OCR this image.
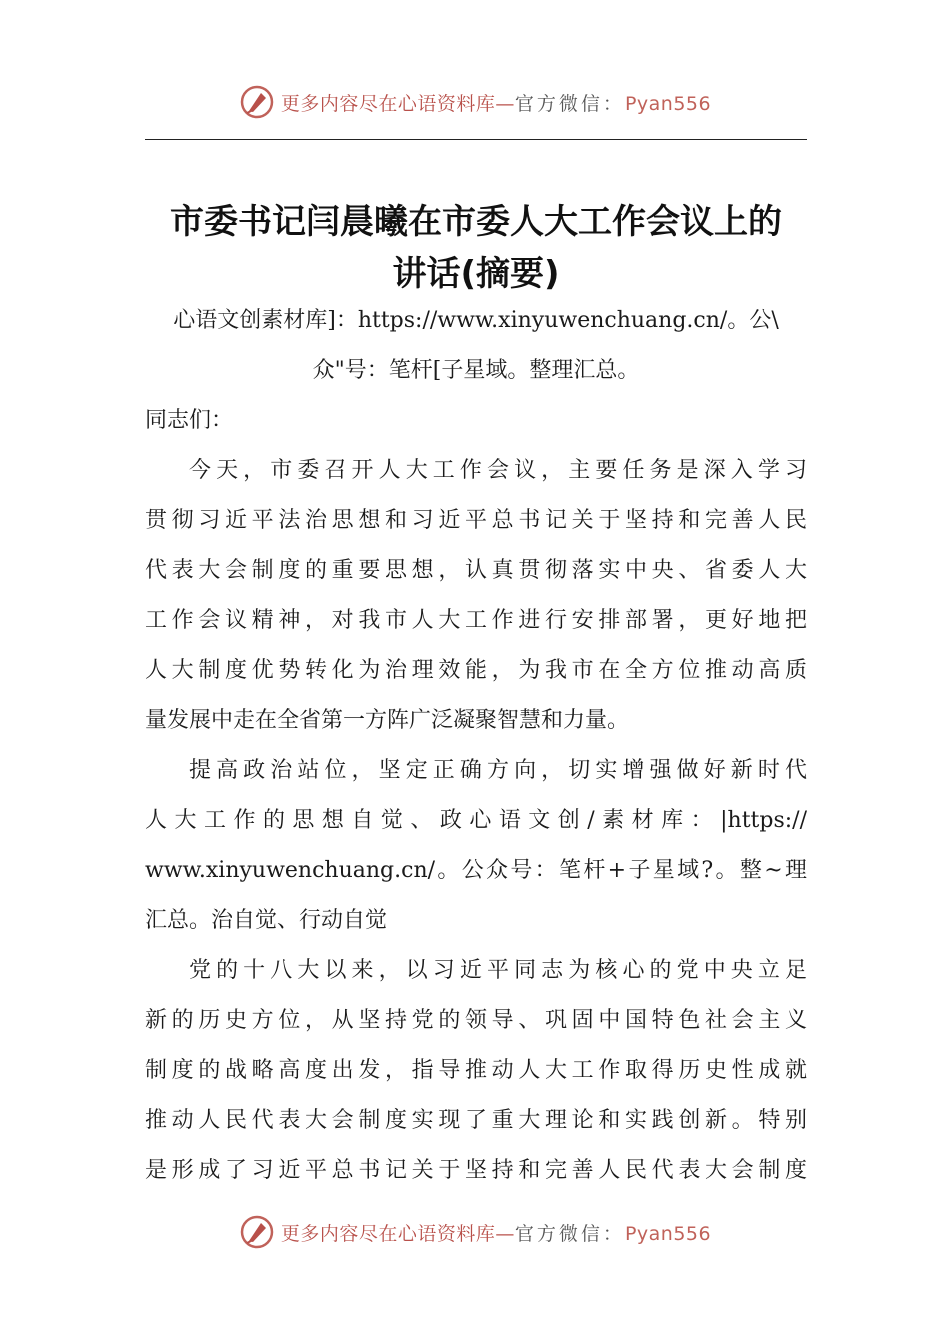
更多内容尽在心语资料库—官方微信：Pyan556
市委书记闫晨曦在市委人大工作会议上的
讲话(摘要)
心语文创素材库]：https://www.xinyuwenchuang.cn/。公\
众"号：笔杆[子星域。整理汇总。
同志们：
今天，市委召开人大工作会议，主要任务是深入学习
贯彻习近平法治思想和习近平总书记关于坚持和完善人民
代表大会制度的重要思想，认真贯彻落实中央、省委人大
工作会议精神，对我市人大工作进行安排部署，更好地把
人大制度优势转化为治理效能，为我市在全方位推动高质
量发展中走在全省第一方阵广泛凝聚智慧和力量。
提高政治站位，坚定正确方向，切实增强做好新时代
人大工作的思想自觉、政心语文创/素材库：|https://
www.xinyuwenchuang.cn/。公众号：笔杆+子星域?。整~理
汇总。治自觉、行动自觉
党的十八大以来，以习近平同志为核心的党中央立足
新的历史方位，从坚持党的领导、巩固中国特色社会主义
制度的战略高度出发，指导推动人大工作取得历史性成就
推动人民代表大会制度实现了重大理论和实践创新。特别
是形成了习近平总书记关于坚持和完善人民代表大会制度
更多内容尽在心语资料库—官方微信：Pyan556
